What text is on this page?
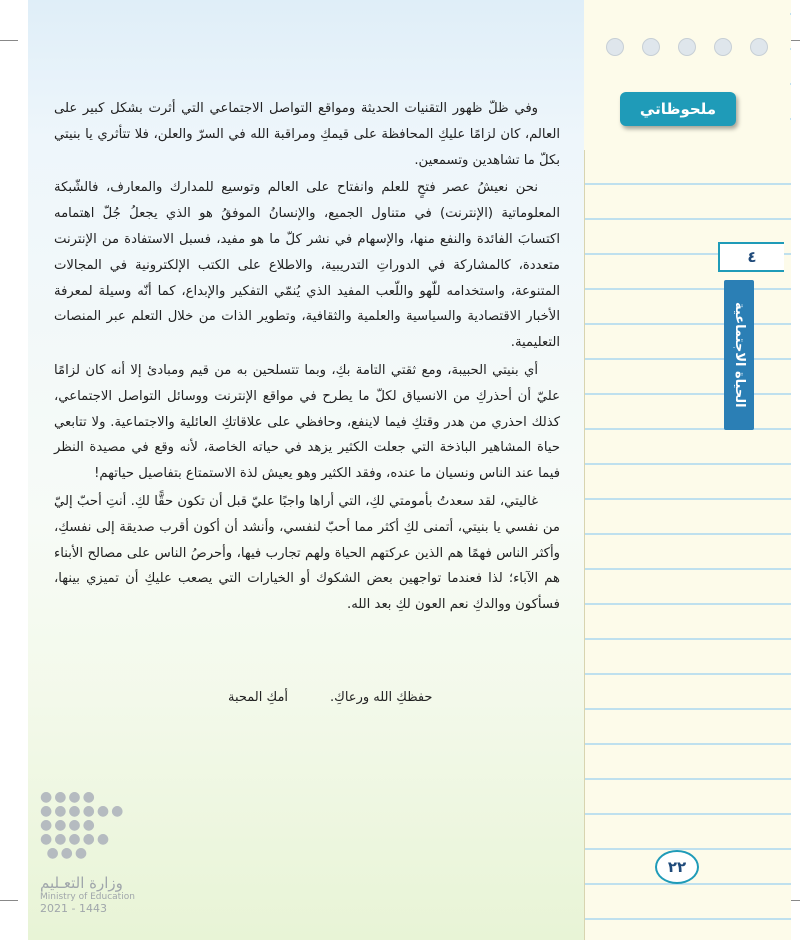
ملحوظاتي
٤
الحياة الاجتماعية

وفي ظلّ ظهور التقنيات الحديثة ومواقع التواصل الاجتماعي التي أثرت بشكل كبير على العالم، كان لزامًا عليكِ المحافظة على قيمكِ ومراقبة الله في السرّ والعلن، فلا تتأثري يا بنيتي بكلّ ما تشاهدين وتسمعين.

نحن نعيشُ عصر فتحٍ للعلم وانفتاح على العالم وتوسيع للمدارك والمعارف، فالشّبكة المعلوماتية (الإنترنت) في متناول الجميع، والإنسانُ الموفقُ هو الذي يجعلُ جُلّ اهتمامه اكتسابَ الفائدة والنفع منها، والإسهام في نشر كلّ ما هو مفيد، فسبل الاستفادة من الإنترنت متعددة، كالمشاركة في الدوراتِ التدريبية، والاطلاع على الكتب الإلكترونية في المجالات المتنوعة، واستخدامه للّهو واللّعب المفيد الذي يُنمّي التفكير والإبداع، كما أنّه وسيلة لمعرفة الأخبار الاقتصادية والسياسية والعلمية والثقافية، وتطوير الذات من خلال التعلم عبر المنصات التعليمية.

أي بنيتي الحبيبة، ومع ثقتي التامة بكِ، وبما تتسلحين به من قيم ومبادئ إلا أنه كان لزامًا عليّ أن أحذركِ من الانسياق لكلّ ما يطرح في مواقع الإنترنت ووسائل التواصل الاجتماعي، كذلك احذري من هدر وقتكِ فيما لاينفع، وحافظي على علاقاتكِ العائلية والاجتماعية. ولا تتابعي حياة المشاهير الباذخة التي جعلت الكثير يزهد في حياته الخاصة، لأنه وقع في مصيدة النظر فيما عند الناس ونسيان ما عنده، وفقد الكثير وهو يعيش لذة الاستمتاع بتفاصيل حياتهم!

غاليتي، لقد سعدتُ بأمومتي لكِ، التي أراها واجبًا عليّ قبل أن تكون حقًّا لكِ. أنتِ أحبّ إليّ من نفسي يا بنيتي، أتمنى لكِ أكثر مما أحبّ لنفسي، وأنشد أن أكون أقرب صديقة إلى نفسكِ، وأكثر الناس فهمًا هم الذين عركتهم الحياة ولهم تجارب فيها، وأحرصُ الناس على مصالح الأبناء هم الآباء؛ لذا فعندما تواجهين بعض الشكوك أو الخيارات التي يصعب عليكِ أن تميزي بينها، فسأكون ووالدكِ نعم العون لكِ بعد الله.

حفظكِ الله ورعاكِ.
أمكِ المحبة
●●●● ●●●●●●
●●●● ●●●●●
●●●
وزارة التعـليم
Ministry of Education
2021 - 1443
٢٢
